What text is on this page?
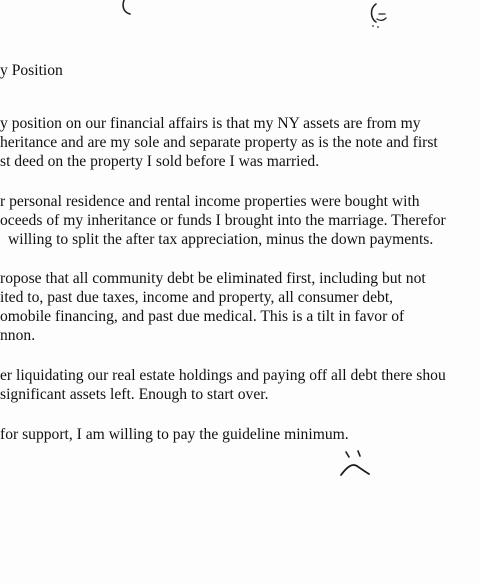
y Position
y position on our financial affairs is that my NY assets are from my
heritance and are my sole and separate property as is the note and first
st deed on the property I sold before I was married.
r personal residence and rental income properties were bought with
oceeds of my inheritance or funds I brought into the marriage. Therefor
willing to split the after tax appreciation, minus the down payments.
ropose that all community debt be eliminated first, including but not
ited to, past due taxes, income and property, all consumer debt,
omobile financing, and past due medical. This is a tilt in favor of
nnon.
er liquidating our real estate holdings and paying off all debt there shou
significant assets left. Enough to start over.
for support, I am willing to pay the guideline minimum.
